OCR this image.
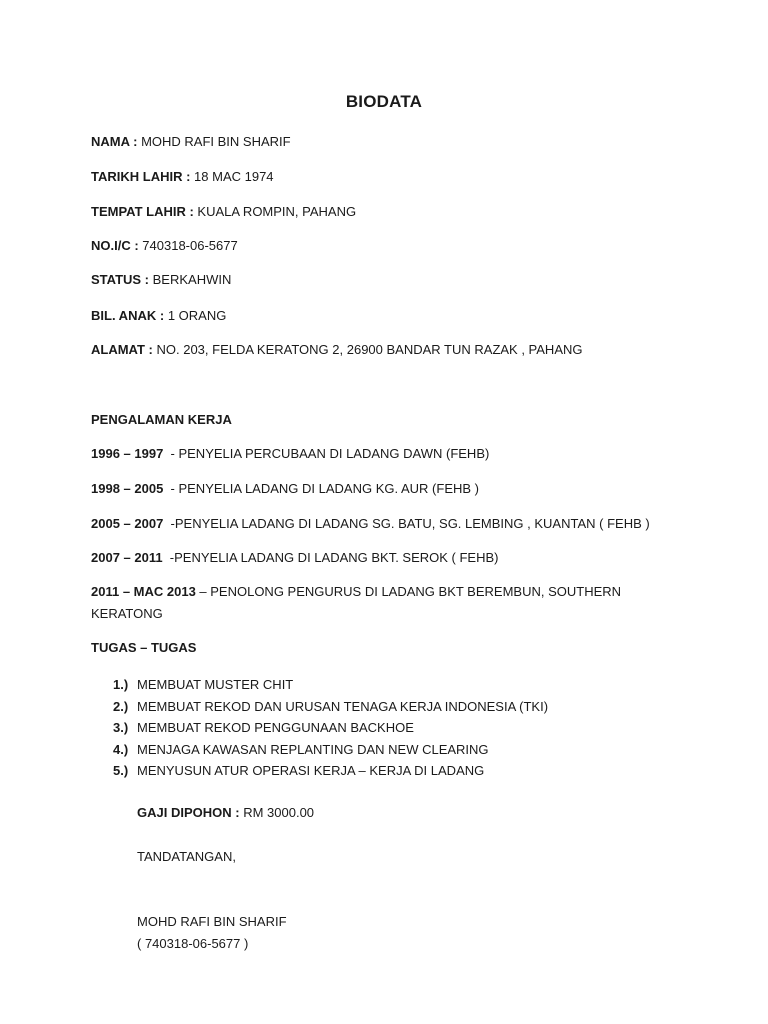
BIODATA
NAMA : MOHD RAFI BIN SHARIF
TARIKH LAHIR : 18 MAC 1974
TEMPAT LAHIR : KUALA ROMPIN, PAHANG
NO.I/C : 740318-06-5677
STATUS : BERKAHWIN
BIL. ANAK : 1 ORANG
ALAMAT : NO. 203, FELDA KERATONG 2, 26900 BANDAR TUN RAZAK , PAHANG
PENGALAMAN KERJA
1996 – 1997  - PENYELIA PERCUBAAN DI LADANG DAWN (FEHB)
1998 – 2005  - PENYELIA LADANG DI LADANG KG. AUR (FEHB )
2005 – 2007  -PENYELIA LADANG DI LADANG SG. BATU, SG. LEMBING , KUANTAN ( FEHB )
2007 – 2011  -PENYELIA LADANG DI LADANG BKT. SEROK ( FEHB)
2011 – MAC 2013 – PENOLONG PENGURUS DI LADANG BKT BEREMBUN, SOUTHERN KERATONG
TUGAS – TUGAS
1.) MEMBUAT MUSTER CHIT
2.) MEMBUAT REKOD DAN URUSAN TENAGA KERJA INDONESIA (TKI)
3.) MEMBUAT REKOD PENGGUNAAN BACKHOE
4.) MENJAGA KAWASAN REPLANTING DAN NEW CLEARING
5.) MENYUSUN ATUR OPERASI KERJA – KERJA DI LADANG
GAJI DIPOHON : RM 3000.00
TANDATANGAN,
MOHD RAFI BIN SHARIF
( 740318-06-5677 )
